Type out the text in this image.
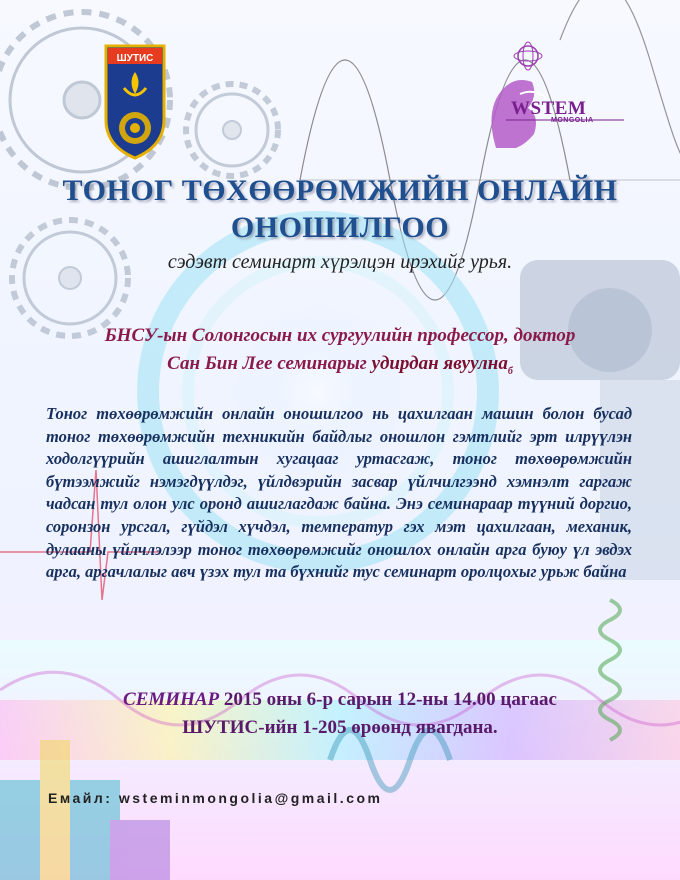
ШУТИС
WSTEM
MONGOLIA
ТОНОГ ТӨХӨӨРӨМЖИЙН ОНЛАЙН
ОНОШИЛГОО
сэдэвт семинарт хүрэлцэн ирэхийг урья.
БНСУ-ын Солонгосын их сургуулийн профессор, доктор
Сан Бин Лее семинарыг удирдан явуулна$_б$
Тоног төхөөрөмжийн онлайн оношилгоо нь цахилгаан машин болон бусад тоног төхөөрөмжийн техникийн байдлыг оношлон гэмтлийг эрт илрүүлэн ходолгүүрийн ашиглалтын хугацааг уртасгаж, тоног төхөөрөмжийн бүтээмжийг нэмэгдүүлдэг, үйлдвэрийн засвар үйлчилгээнд хэмнэлт гаргаж чадсан тул олон улс оронд ашиглагдаж байна. Энэ семинараар түүний доргио, соронзон урсгал, гүйдэл хүчдэл, температур гэх мэт цахилгаан, механик, дулааны үйлчлэлээр тоног төхөөрөмжийг оношлох онлайн арга буюу үл эвдэх арга, аргачлалыг авч үзэх тул та бүхнийг тус семинарт оролцохыг урьж байна
СЕМИНАР 2015 оны 6-р сарын 12-ны 14.00 цагаас
ШУТИС-ийн 1-205 өрөөнд явагдана.
Емайл: wsteminmongolia@gmail.com
